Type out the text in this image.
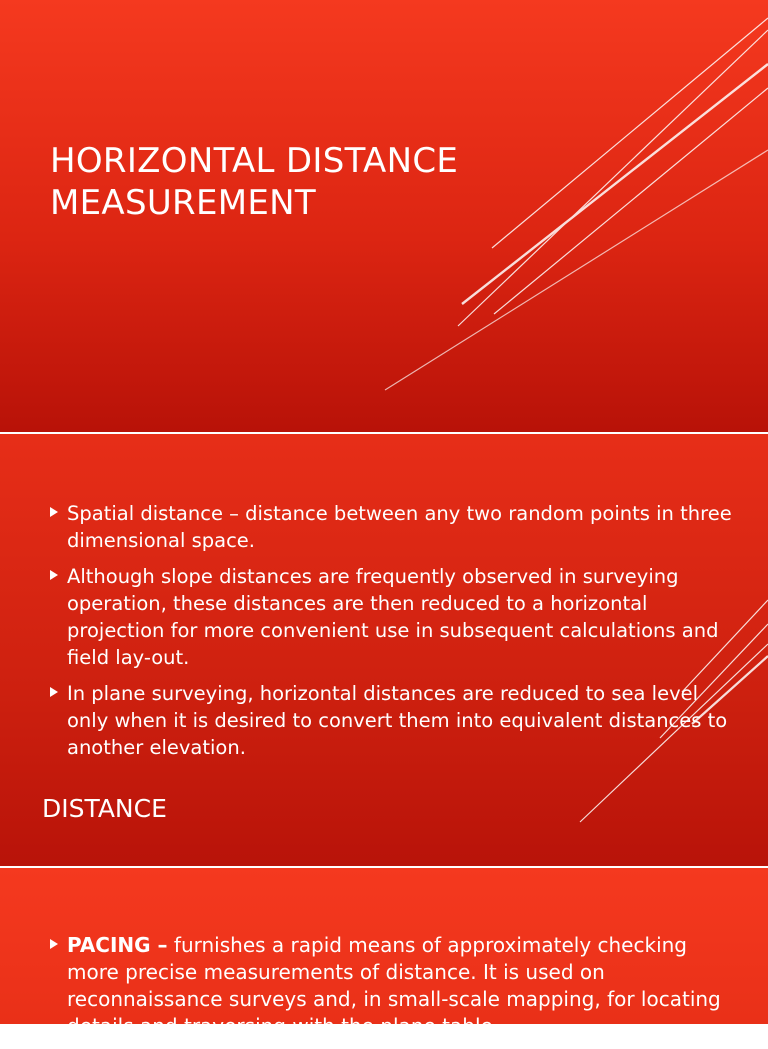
HORIZONTAL DISTANCE
MEASUREMENT
Spatial distance – distance between any two random points in three dimensional space.
Although slope distances are frequently observed in surveying operation, these distances are then reduced to a horizontal projection for more convenient use in subsequent calculations and field lay-out.
In plane surveying, horizontal distances are reduced to sea level only when it is desired to convert them into equivalent distances to another elevation.
DISTANCE
PACING – furnishes a rapid means of approximately checking more precise measurements of distance. It is used on reconnaissance surveys and, in small-scale mapping, for locating details and traversing with the plane table.
